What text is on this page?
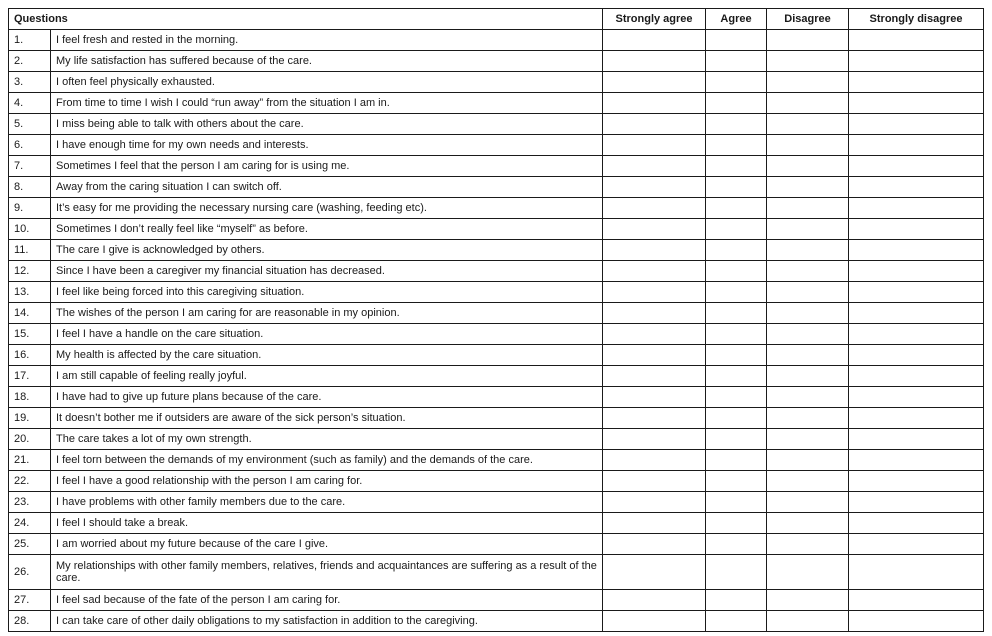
Questions		Strongly agree	Agree	Disagree	Strongly disagree
1.	I feel fresh and rested in the morning.				
2.	My life satisfaction has suffered because of the care.				
3.	I often feel physically exhausted.				
4.	From time to time I wish I could “run away” from the situation I am in.				
5.	I miss being able to talk with others about the care.				
6.	I have enough time for my own needs and interests.				
7.	Sometimes I feel that the person I am caring for is using me.				
8.	Away from the caring situation I can switch off.				
9.	It’s easy for me providing the necessary nursing care (washing, feeding etc).				
10.	Sometimes I don’t really feel like “myself” as before.				
11.	The care I give is acknowledged by others.				
12.	Since I have been a caregiver my financial situation has decreased.				
13.	I feel like being forced into this caregiving situation.				
14.	The wishes of the person I am caring for are reasonable in my opinion.				
15.	I feel I have a handle on the care situation.				
16.	My health is affected by the care situation.				
17.	I am still capable of feeling really joyful.				
18.	I have had to give up future plans because of the care.				
19.	It doesn’t bother me if outsiders are aware of the sick person’s situation.				
20.	The care takes a lot of my own strength.				
21.	I feel torn between the demands of my environment (such as family) and the demands of the care.				
22.	I feel I have a good relationship with the person I am caring for.				
23.	I have problems with other family members due to the care.				
24.	I feel I should take a break.				
25.	I am worried about my future because of the care I give.				
26.	My relationships with other family members, relatives, friends and acquaintances are suffering as a result of the care.				
27.	I feel sad because of the fate of the person I am caring for.				
28.	I can take care of other daily obligations to my satisfaction in addition to the caregiving.				
